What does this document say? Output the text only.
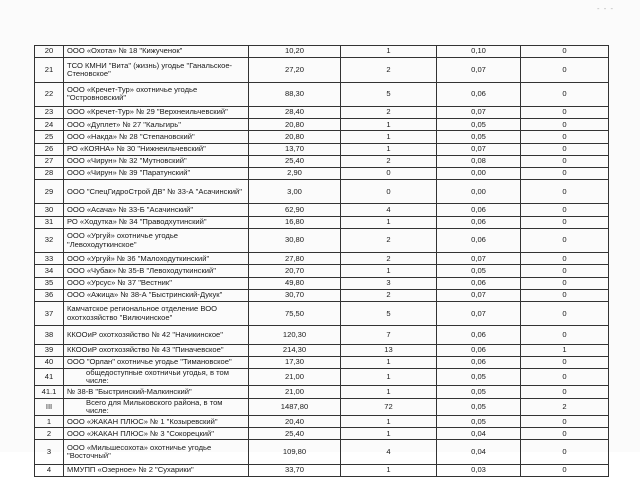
- - -
20	ООО «Охота» № 18 "Кижученок"	10,20	1	0,10	0
21	ТСО КМНИ "Вита" (жизнь) угодье "Ганальское-Стеновское"	27,20	2	0,07	0
22	ООО «Кречет-Тур» охотничье угодье "Островновский"	88,30	5	0,06	0
23	ООО «Кречет-Тур» № 29 "Верхнеильчевский"	28,40	2	0,07	0
24	ООО «Дуплет» № 27 "Кальгирь"	20,80	1	0,05	0
25	ООО «Накда» № 28 "Степановский"	20,80	1	0,05	0
26	РО «КОЯНА» № 30 "Нижнеильчевский"	13,70	1	0,07	0
27	ООО «Чирун» № 32 "Мутновский"	25,40	2	0,08	0
28	ООО «Чирун» № 39 "Паратунский"	2,90	0	0,00	0
29	ООО "СпецГидроСтрой ДВ" № 33-А "Асачинский"	3,00	0	0,00	0
30	ООО «Асача» № 33-Б "Асачинский"	62,90	4	0,06	0
31	РО «Ходутка» № 34 "Праводхутинский"	16,80	1	0,06	0
32	ООО «Ургуй» охотничье угодье "Левоходуткинское"	30,80	2	0,06	0
33	ООО «Ургуй» № 36 "Малоходуткинский"	27,80	2	0,07	0
34	ООО «Чубак» № 35-В "Левоходуткинский"	20,70	1	0,05	0
35	ООО «Урсус» № 37 "Вестник"	49,80	3	0,06	0
36	ООО «Ажица» № 38-А "Быстринский-Дукук"	30,70	2	0,07	0
37	Камчатское региональное отделение ВОО охотхозяйство "Вилючинское"	75,50	5	0,07	0
38	ККООиР охотхозяйство № 42 "Начикинское"	120,30	7	0,06	0
39	ККООиР охотхозяйство № 43 "Пиначевское"	214,30	13	0,06	1
40	ООО "Орлан" охотничье угодье "Тимановское"	17,30	1	0,06	0
41	общедоступные охотничьи угодья, в том числе:	21,00	1	0,05	0
41.1	№ 38-В "Быстринский-Малкинский"	21,00	1	0,05	0
III	Всего для Мильковского района, в том числе:	1487,80	72	0,05	2
1	ООО «ЖАКАН ПЛЮС» № 1 "Козыревский"	20,40	1	0,05	0
2	ООО «ЖАКАН ПЛЮС» № 3 "Сокорецкий"	25,40	1	0,04	0
3	ООО «Мильшесохота» охотничье угодье "Восточный"	109,80	4	0,04	0
4	ММУПП «Озерное» № 2 "Сухарики"	33,70	1	0,03	0
